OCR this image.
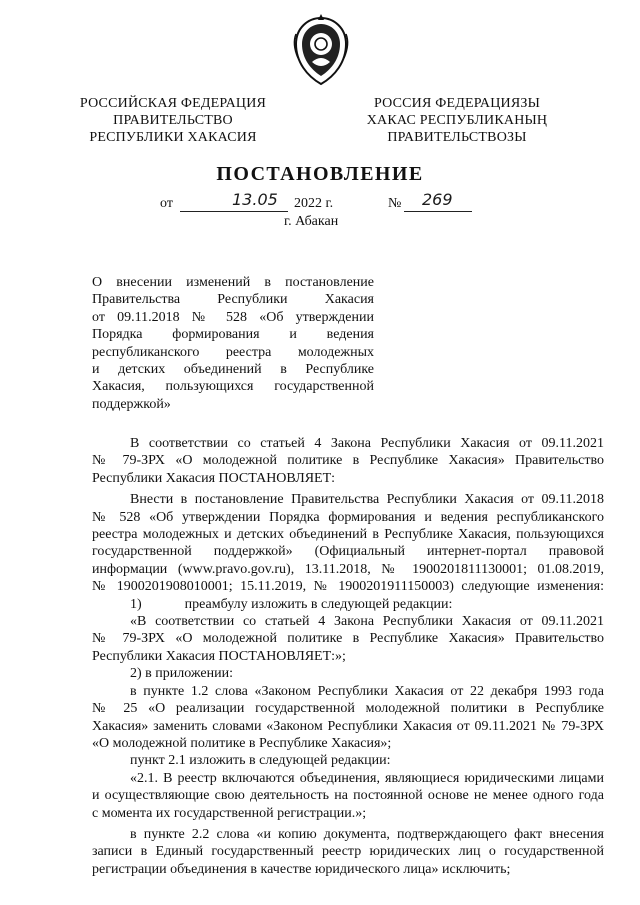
РОССИЙСКАЯ ФЕДЕРАЦИЯ
ПРАВИТЕЛЬСТВО
РЕСПУБЛИКИ ХАКАСИЯ
РОССИЯ ФЕДЕРАЦИЯЗЫ
ХАКАС РЕСПУБЛИКАНЫҢ
ПРАВИТЕЛЬСТВОЗЫ
ПОСТАНОВЛЕНИЕ
от	13.05 2022 г.	№ 269
г. Абакан
О внесении изменений в постановление
Правительства Республики Хакасия
от 09.11.2018 № 528 «Об утверждении
Порядка формирования и ведения
республиканского реестра молодежных
и детских объединений в Республике
Хакасия, пользующихся государственной
поддержкой»

В соответствии со статьей 4 Закона Республики Хакасия от 09.11.2021
№ 79-ЗРХ «О молодежной политике в Республике Хакасия» Правительство
Республики Хакасия ПОСТАНОВЛЯЕТ:

Внести в постановление Правительства Республики Хакасия от 09.11.2018
№ 528 «Об утверждении Порядка формирования и ведения республиканского
реестра молодежных и детских объединений в Республике Хакасия, пользующихся
государственной поддержкой» (Официальный интернет-портал правовой
информации (www.pravo.gov.ru), 13.11.2018, № 1900201811130001; 01.08.2019,
№ 1900201908010001; 15.11.2019, № 1900201911150003) следующие изменения:

1)	преамбулу изложить в следующей редакции:

«В соответствии со статьей 4 Закона Республики Хакасия от 09.11.2021
№ 79-ЗРХ «О молодежной политике в Республике Хакасия» Правительство
Республики Хакасия ПОСТАНОВЛЯЕТ:»;

2) в приложении:

в пункте 1.2 слова «Законом Республики Хакасия от 22 декабря 1993 года
№ 25 «О реализации государственной молодежной политики в Республике
Хакасия» заменить словами «Законом Республики Хакасия от 09.11.2021 № 79-ЗРХ
«О молодежной политике в Республике Хакасия»;

пункт 2.1 изложить в следующей редакции:

«2.1. В реестр включаются объединения, являющиеся юридическими лицами
и осуществляющие свою деятельность на постоянной основе не менее одного года
с момента их государственной регистрации.»;

в пункте 2.2 слова «и копию документа, подтверждающего факт внесения
записи в Единый государственный реестр юридических лиц о государственной
регистрации объединения в качестве юридического лица» исключить;
